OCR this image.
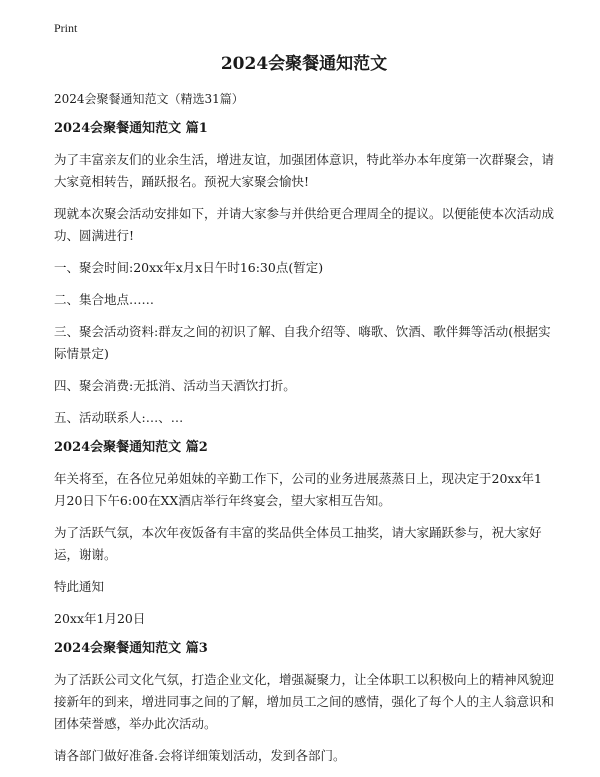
Print
2024会聚餐通知范文
2024会聚餐通知范文（精选31篇）
2024会聚餐通知范文 篇1
为了丰富亲友们的业余生活，增进友谊，加强团体意识，特此举办本年度第一次群聚会，请大家竟相转告，踊跃报名。预祝大家聚会愉快!
现就本次聚会活动安排如下，并请大家参与并供给更合理周全的提议。以便能使本次活动成功、圆满进行!
一、聚会时间:20xx年x月x日午时16:30点(暂定)
二、集合地点……
三、聚会活动资料:群友之间的初识了解、自我介绍等、嗨歌、饮酒、歌伴舞等活动(根据实际情景定)
四、聚会消费:无抵消、活动当天酒饮打折。
五、活动联系人:…、…
2024会聚餐通知范文 篇2
年关将至，在各位兄弟姐妹的辛勤工作下，公司的业务进展蒸蒸日上，现决定于20xx年1月20日下午6:00在XX酒店举行年终宴会，望大家相互告知。
为了活跃气氛，本次年夜饭备有丰富的奖品供全体员工抽奖，请大家踊跃参与，祝大家好运，谢谢。
特此通知
20xx年1月20日
2024会聚餐通知范文 篇3
为了活跃公司文化气氛，打造企业文化，增强凝聚力，让全体职工以积极向上的精神风貌迎接新年的到来，增进同事之间的了解，增加员工之间的感情，强化了每个人的主人翁意识和团体荣誉感，举办此次活动。
请各部门做好准备.会将详细策划活动，发到各部门。
